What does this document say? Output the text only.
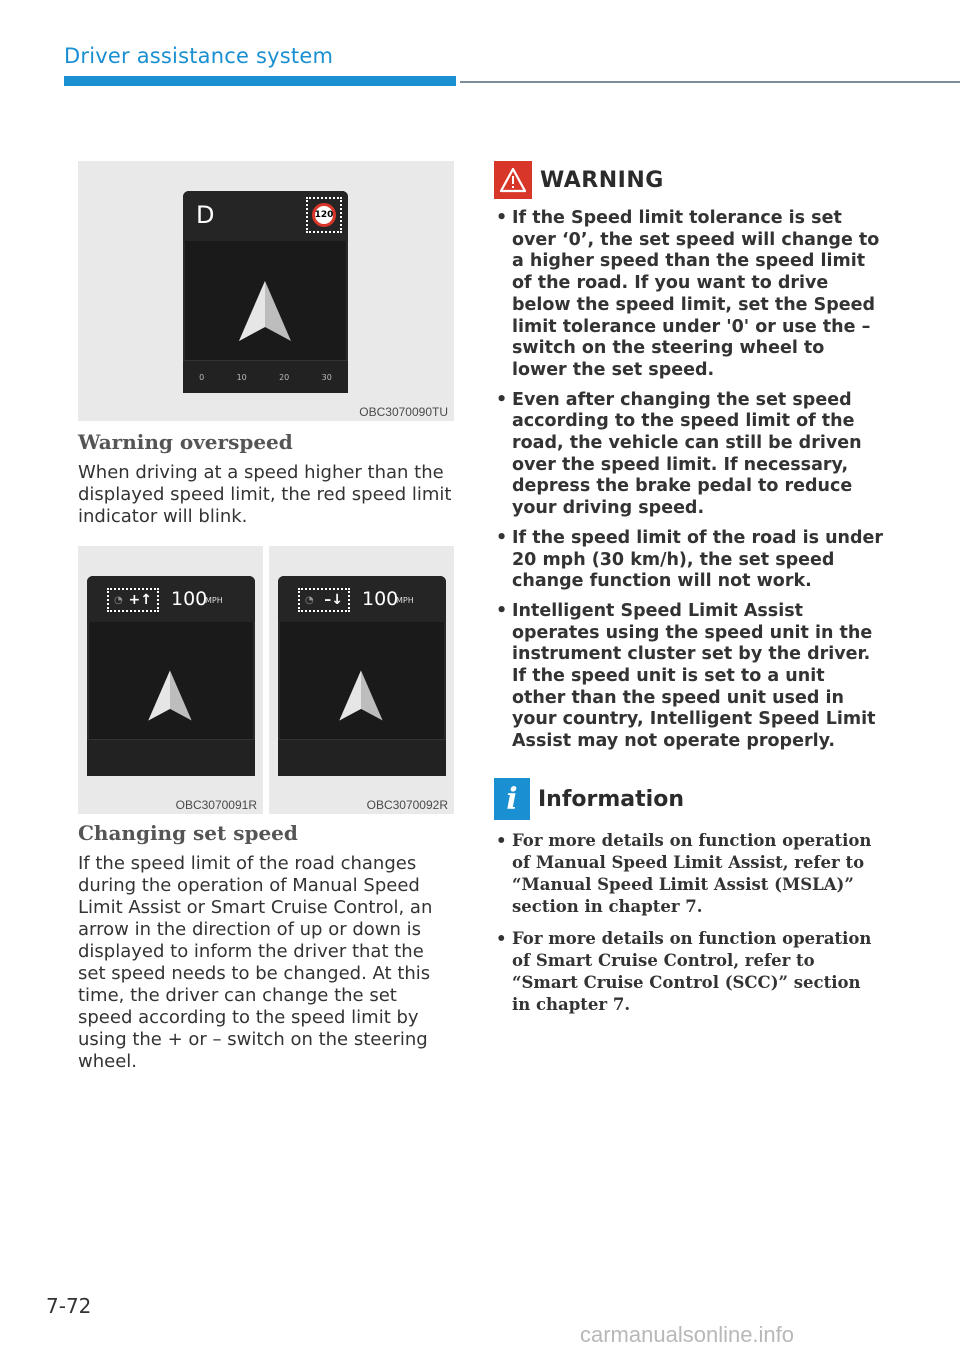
Driver assistance system
D	120
0	10	20	30
OBC3070090TU
Warning overspeed
When driving at a speed higher than the displayed speed limit, the red speed limit indicator will blink.
◔ +↑ 100
MPH
OBC3070091R
◔ –↓ 100
MPH
OBC3070092R
Changing set speed
If the speed limit of the road changes during the operation of Manual Speed Limit Assist or Smart Cruise Control, an arrow in the direction of up or down is displayed to inform the driver that the set speed needs to be changed. At this time, the driver can change the set speed according to the speed limit by using the + or – switch on the steering wheel.
WARNING
• If the Speed limit tolerance is set over ‘0’, the set speed will change to a higher speed than the speed limit of the road. If you want to drive below the speed limit, set the Speed limit tolerance under '0' or use the – switch on the steering wheel to lower the set speed.
• Even after changing the set speed according to the speed limit of the road, the vehicle can still be driven over the speed limit. If necessary, depress the brake pedal to reduce your driving speed.
• If the speed limit of the road is under 20 mph (30 km/h), the set speed change function will not work.
• Intelligent Speed Limit Assist operates using the speed unit in the instrument cluster set by the driver. If the speed unit is set to a unit other than the speed unit used in your country, Intelligent Speed Limit Assist may not operate properly.
i Information
• For more details on function operation of Manual Speed Limit Assist, refer to “Manual Speed Limit Assist (MSLA)” section in chapter 7.
• For more details on function operation of Smart Cruise Control, refer to “Smart Cruise Control (SCC)” section in chapter 7.
7-72
carmanualsonline.info
